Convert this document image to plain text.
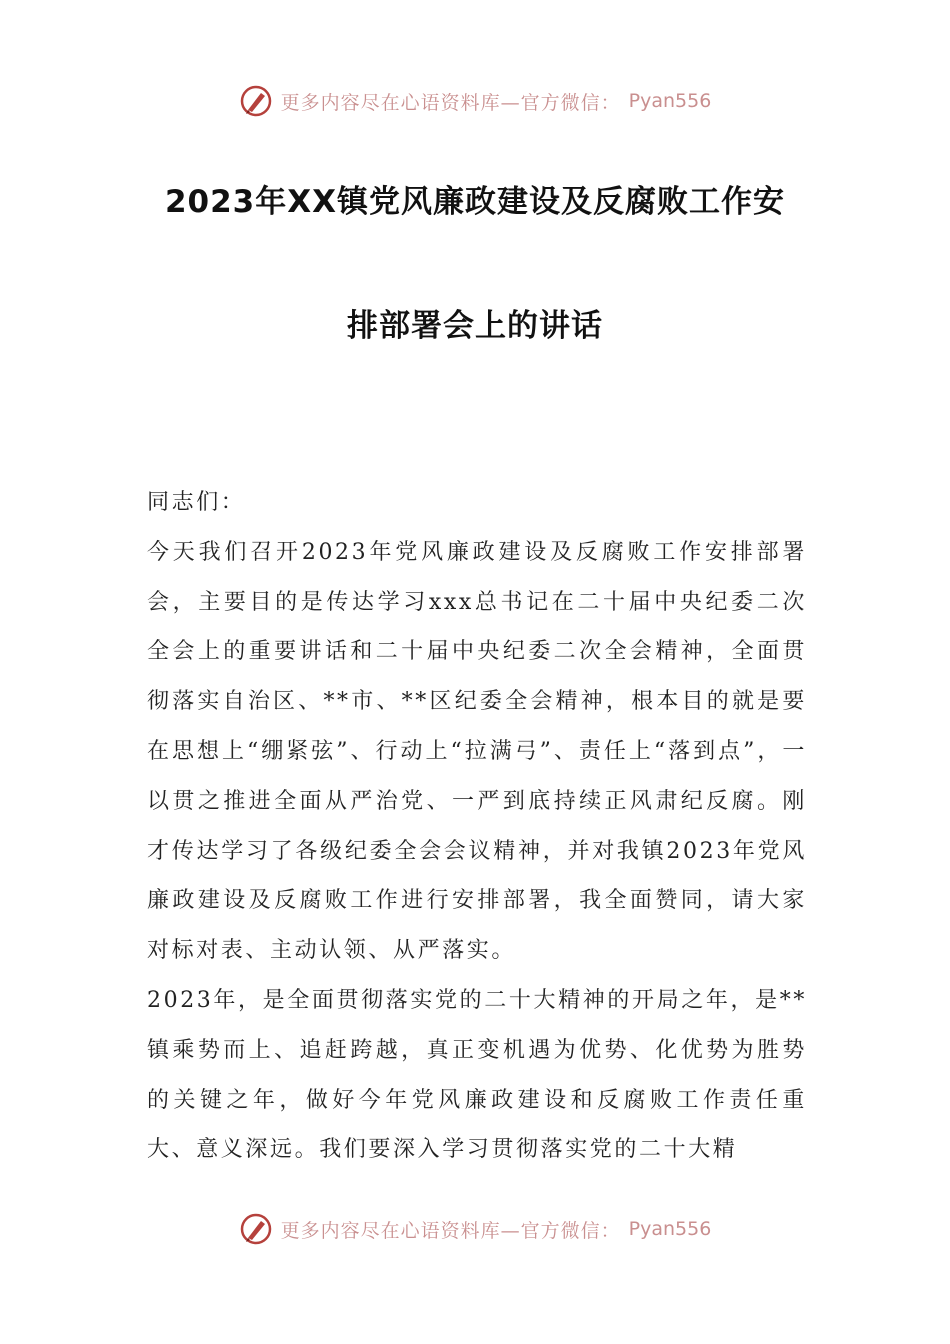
更多内容尽在心语资料库—官方微信： Pyan556
2023年XX镇党风廉政建设及反腐败工作安
排部署会上的讲话

同志们：

今天我们召开2023年党风廉政建设及反腐败工作安排部署会，主要目的是传达学习xxx总书记在二十届中央纪委二次全会上的重要讲话和二十届中央纪委二次全会精神，全面贯彻落实自治区、**市、**区纪委全会精神，根本目的就是要在思想上“绷紧弦”、行动上“拉满弓”、责任上“落到点”，一以贯之推进全面从严治党、一严到底持续正风肃纪反腐。刚才传达学习了各级纪委全会会议精神，并对我镇2023年党风廉政建设及反腐败工作进行安排部署，我全面赞同，请大家对标对表、主动认领、从严落实。

2023年，是全面贯彻落实党的二十大精神的开局之年，是**镇乘势而上、追赶跨越，真正变机遇为优势、化优势为胜势的关键之年，做好今年党风廉政建设和反腐败工作责任重大、意义深远。我们要深入学习贯彻落实党的二十大精

更多内容尽在心语资料库—官方微信： Pyan556
